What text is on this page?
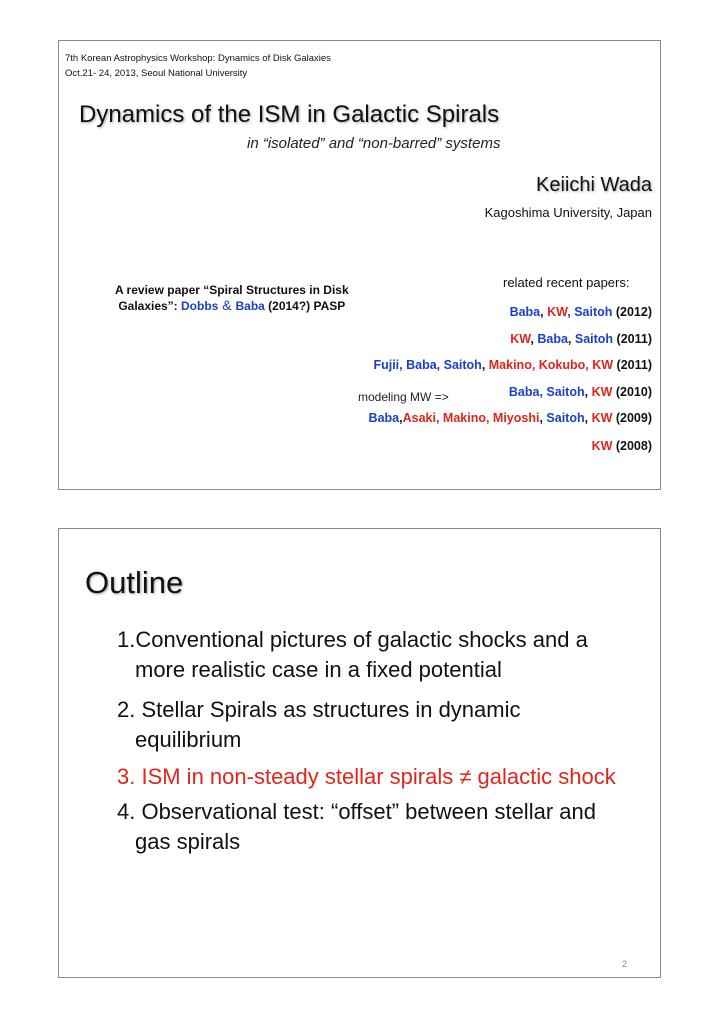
7th Korean Astrophysics Workshop: Dynamics of Disk Galaxies
Oct.21- 24, 2013, Seoul National University
Dynamics of the ISM in Galactic Spirals
in “isolated” and “non-barred” systems
Keiichi Wada
Kagoshima University, Japan
A review paper “Spiral Structures in Disk
Galaxies”: Dobbs & Baba (2014?) PASP
related recent papers:
modeling MW =>
Baba, KW, Saitoh (2012)
KW, Baba, Saitoh (2011)
Fujii, Baba, Saitoh, Makino, Kokubo, KW (2011)
Baba, Saitoh, KW (2010)
Baba,Asaki, Makino, Miyoshi, Saitoh, KW (2009)
KW (2008)
Outline
1.Conventional pictures of galactic shocks and a
more realistic case in a fixed potential
2. Stellar Spirals as structures in dynamic
equilibrium
3. ISM in non-steady stellar spirals ≠ galactic shock
4. Observational test: “offset” between stellar and
gas spirals
2
